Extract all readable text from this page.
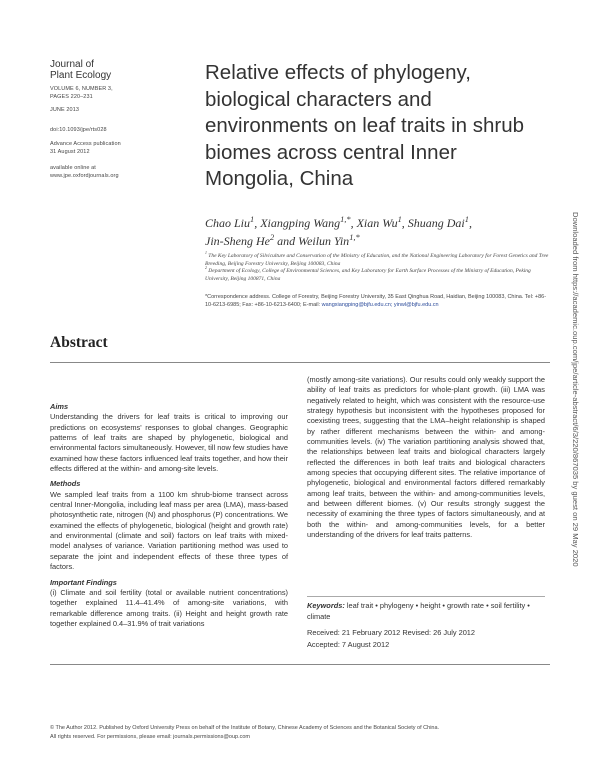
Journal of
Plant Ecology
VOLUME 6, NUMBER 3,
PAGES 220–231
JUNE 2013
doi:10.1093/jpe/rts028
Advance Access publication
31 August 2012
available online at
www.jpe.oxfordjournals.org
Relative effects of phylogeny, biological characters and environments on leaf traits in shrub biomes across central Inner Mongolia, China
Chao Liu$^1$, Xiangping Wang$^{1,*}$, Xian Wu$^1$, Shuang Dai$^1$,
Jin-Sheng He$^2$ and Weilun Yin$^{1,*}$

$^1$ The Key Laboratory of Silviculture and Conservation of the Ministry of Education, and the National Engineering Laboratory for Forest Genetics and Tree Breeding, Beijing Forestry University, Beijing 100083, China

$^2$ Department of Ecology, College of Environmental Sciences, and Key Laboratory for Earth Surface Processes of the Ministry of Education, Peking University, Beijing 100871, China

*Correspondence address. College of Forestry, Beijing Forestry University, 35 East Qinghua Road, Haidian, Beijing 100083, China. Tel: +86-10-6213-6985; Fax: +86-10-6213-6400; E-mail: wangxiangping@bjfu.edu.cn; yinwl@bjfu.edu.cn
Abstract
Aims

Understanding the drivers for leaf traits is critical to improving our predictions on ecosystems' responses to global changes. Geographic patterns of leaf traits are shaped by phylogenetic, biological and environmental factors simultaneously. However, till now few studies have examined how these factors influenced leaf traits together, and how their effects differed at the within- and among-site levels.

Methods

We sampled leaf traits from a 1100 km shrub-biome transect across central Inner-Mongolia, including leaf mass per area (LMA), mass-based photosynthetic rate, nitrogen (N) and phosphorus (P) concentrations. We examined the effects of phylogenetic, biological (height and growth rate) and environmental (climate and soil) factors on leaf traits with mixed-model analyses of variance. Variation partitioning method was used to separate the joint and independent effects of these three types of factors.

Important Findings

(i) Climate and soil fertility (total or available nutrient concentrations) together explained 11.4–41.4% of among-site variations, with remarkable difference among traits. (ii) Height and height growth rate together explained 0.4–31.9% of trait variations

(mostly among-site variations). Our results could only weakly support the ability of leaf traits as predictors for whole-plant growth. (iii) LMA was negatively related to height, which was consistent with the resource-use strategy hypothesis but inconsistent with the hypotheses proposed for coexisting trees, suggesting that the LMA–height relationship is shaped by rather different mechanisms between the within- and among-communities levels. (iv) The variation partitioning analysis showed that, the relationships between leaf traits and biological characters largely reflected the differences in both leaf traits and biological characters among species that occupying different sites. The relative importance of phylogenetic, biological and environmental factors differed remarkably among leaf traits, between the within- and among-communities levels, and between different biomes. (v) Our results strongly suggest the necessity of examining the three types of factors simultaneously, and at both the within- and among-communities levels, for a better understanding of the drivers for leaf traits patterns.

Keywords: leaf trait • phylogeny • height • growth rate • soil fertility • climate
Received: 21 February 2012 Revised: 26 July 2012
Accepted: 7 August 2012
© The Author 2012. Published by Oxford University Press on behalf of the Institute of Botany, Chinese Academy of Sciences and the Botanical Society of China.
All rights reserved. For permissions, please email: journals.permissions@oup.com
Downloaded from https://academic.oup.com/jpe/article-abstract/6/3/220/867035 by guest on 29 May 2020
